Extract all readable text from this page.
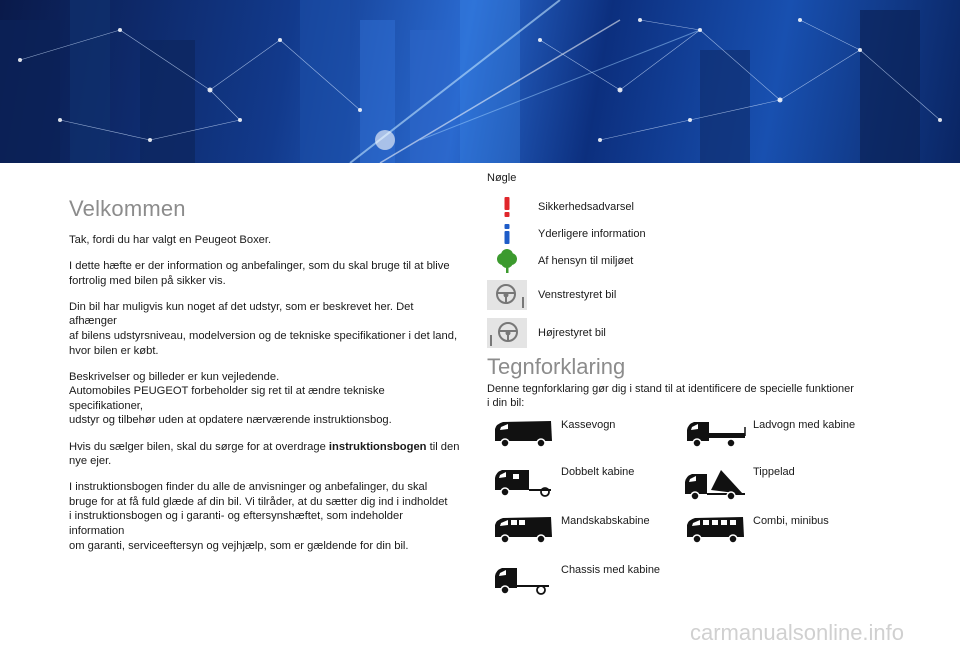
Velkommen

Tak, fordi du har valgt en Peugeot Boxer.

I dette hæfte er der information og anbefalinger, som du skal bruge til at blive
fortrolig med bilen på sikker vis.

Din bil har muligvis kun noget af det udstyr, som er beskrevet her. Det afhænger
af bilens udstyrsniveau, modelversion og de tekniske specifikationer i det land,
hvor bilen er købt.

Beskrivelser og billeder er kun vejledende.
Automobiles PEUGEOT forbeholder sig ret til at ændre tekniske specifikationer,
udstyr og tilbehør uden at opdatere nærværende instruktionsbog.

Hvis du sælger bilen, skal du sørge for at overdrage instruktionsbogen til den
nye ejer.

I instruktionsbogen finder du alle de anvisninger og anbefalinger, du skal
bruge for at få fuld glæde af din bil. Vi tilråder, at du sætter dig ind i indholdet
i instruktionsbogen og i garanti- og eftersynshæftet, som indeholder information
om garanti, serviceeftersyn og vejhjælp, som er gældende for din bil.

Nøgle
Sikkerhedsadvarsel
Yderligere information
Af hensyn til miljøet
Venstrestyret bil
Højrestyret bil
Tegnforklaring

Denne tegnforklaring gør dig i stand til at identificere de specielle funktioner
i din bil:

Kassevogn	Ladvogn med kabine
Dobbelt kabine	Tippelad
Mandskabskabine	Combi, minibus
Chassis med kabine
carmanualsonline.info
